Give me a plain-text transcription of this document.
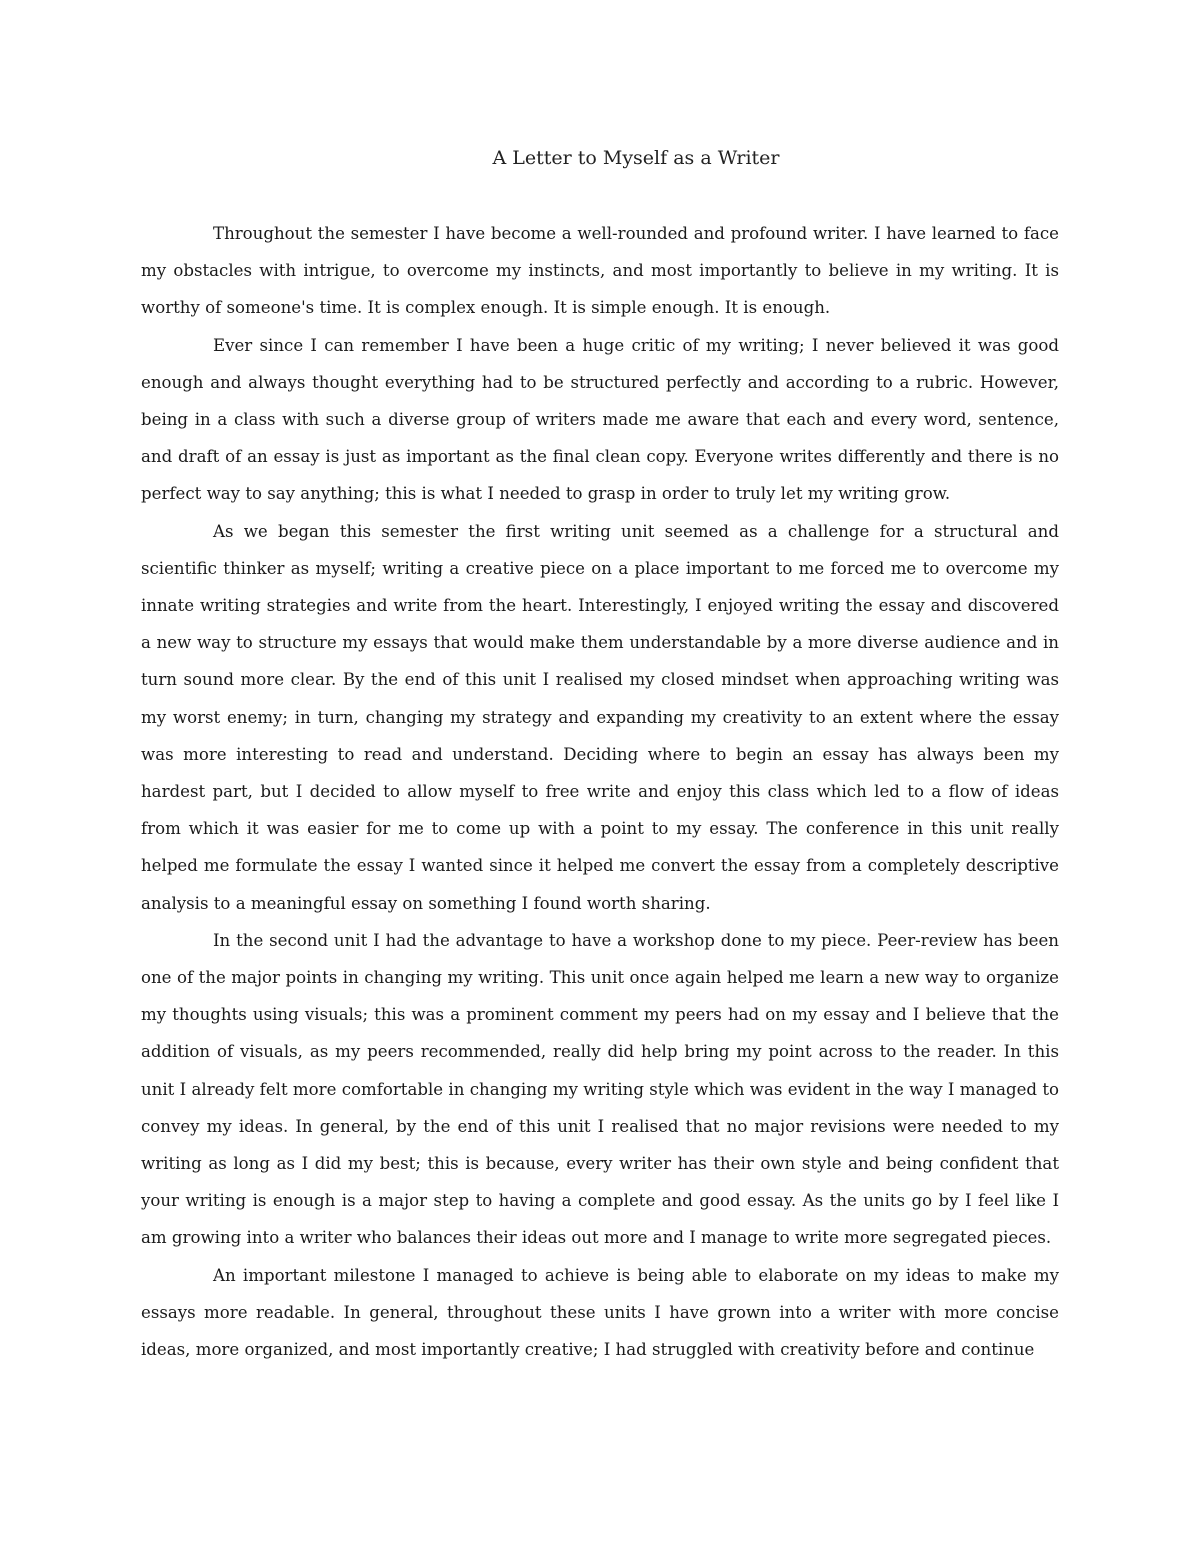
A Letter to Myself as a Writer

Throughout the semester I have become a well-rounded and profound writer. I have learned to face my obstacles with intrigue, to overcome my instincts, and most importantly to believe in my writing. It is worthy of someone's time. It is complex enough. It is simple enough. It is enough.

Ever since I can remember I have been a huge critic of my writing; I never believed it was good enough and always thought everything had to be structured perfectly and according to a rubric. However, being in a class with such a diverse group of writers made me aware that each and every word, sentence, and draft of an essay is just as important as the final clean copy. Everyone writes differently and there is no perfect way to say anything; this is what I needed to grasp in order to truly let my writing grow.

As we began this semester the first writing unit seemed as a challenge for a structural and scientific thinker as myself; writing a creative piece on a place important to me forced me to overcome my innate writing strategies and write from the heart. Interestingly, I enjoyed writing the essay and discovered a new way to structure my essays that would make them understandable by a more diverse audience and in turn sound more clear. By the end of this unit I realised my closed mindset when approaching writing was my worst enemy; in turn, changing my strategy and expanding my creativity to an extent where the essay was more interesting to read and understand. Deciding where to begin an essay has always been my hardest part, but I decided to allow myself to free write and enjoy this class which led to a flow of ideas from which it was easier for me to come up with a point to my essay. The conference in this unit really helped me formulate the essay I wanted since it helped me convert the essay from a completely descriptive analysis to a meaningful essay on something I found worth sharing.

In the second unit I had the advantage to have a workshop done to my piece. Peer-review has been one of the major points in changing my writing. This unit once again helped me learn a new way to organize my thoughts using visuals; this was a prominent comment my peers had on my essay and I believe that the addition of visuals, as my peers recommended, really did help bring my point across to the reader. In this unit I already felt more comfortable in changing my writing style which was evident in the way I managed to convey my ideas. In general, by the end of this unit I realised that no major revisions were needed to my writing as long as I did my best; this is because, every writer has their own style and being confident that your writing is enough is a major step to having a complete and good essay. As the units go by I feel like I am growing into a writer who balances their ideas out more and I manage to write more segregated pieces.

An important milestone I managed to achieve is being able to elaborate on my ideas to make my essays more readable. In general, throughout these units I have grown into a writer with more concise ideas, more organized, and most importantly creative; I had struggled with creativity before and continue
